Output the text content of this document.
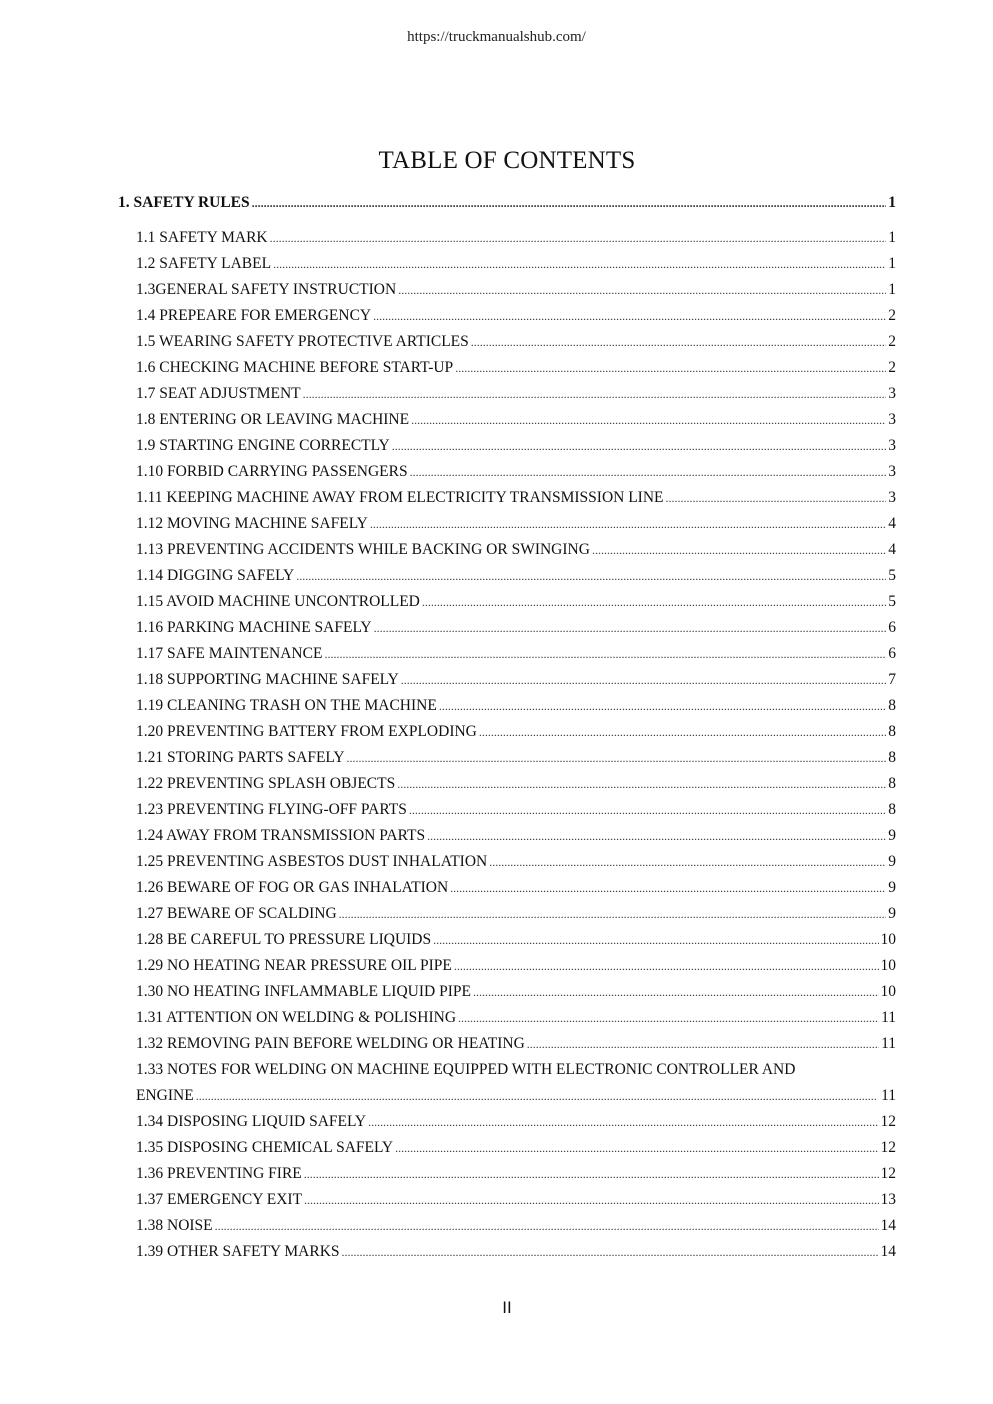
https://truckmanualshub.com/
TABLE OF CONTENTS
II
1. SAFETY RULES . . .	1
1.1 SAFETY MARK . . .	1
1.2 SAFETY LABEL . . .	1
1.3GENERAL SAFETY INSTRUCTION . . .	1
1.4 PREPEARE FOR EMERGENCY . . .	2
1.5 WEARING SAFETY PROTECTIVE ARTICLES . . .	2
1.6 CHECKING MACHINE BEFORE START-UP . . .	2
1.7 SEAT ADJUSTMENT . . .	3
1.8 ENTERING OR LEAVING MACHINE . . .	3
1.9 STARTING ENGINE CORRECTLY . . .	3
1.10 FORBID CARRYING PASSENGERS . . .	3
1.11 KEEPING MACHINE AWAY FROM ELECTRICITY TRANSMISSION LINE . . .	3
1.12 MOVING MACHINE SAFELY . . .	4
1.13 PREVENTING ACCIDENTS WHILE BACKING OR SWINGING . . .	4
1.14 DIGGING SAFELY . . .	5
1.15 AVOID MACHINE UNCONTROLLED . . .	5
1.16 PARKING MACHINE SAFELY . . .	6
1.17 SAFE MAINTENANCE . . .	6
1.18 SUPPORTING MACHINE SAFELY . . .	7
1.19 CLEANING TRASH ON THE MACHINE . . .	8
1.20 PREVENTING BATTERY FROM EXPLODING . . .	8
1.21 STORING PARTS SAFELY . . .	8
1.22 PREVENTING SPLASH OBJECTS . . .	8
1.23 PREVENTING FLYING-OFF PARTS . . .	8
1.24 AWAY FROM TRANSMISSION PARTS . . .	9
1.25 PREVENTING ASBESTOS DUST INHALATION . . .	9
1.26 BEWARE OF FOG OR GAS INHALATION . . .	9
1.27 BEWARE OF SCALDING . . .	9
1.28 BE CAREFUL TO PRESSURE LIQUIDS . . .	10
1.29 NO HEATING NEAR PRESSURE OIL PIPE . . .	10
1.30 NO HEATING INFLAMMABLE LIQUID PIPE . . .	10
1.31 ATTENTION ON WELDING & POLISHING . . .	11
1.32 REMOVING PAIN BEFORE WELDING OR HEATING . . .	11
1.33 NOTES FOR WELDING ON MACHINE EQUIPPED WITH ELECTRONIC CONTROLLER AND
ENGINE . . .	11
1.34 DISPOSING LIQUID SAFELY . . .	12
1.35 DISPOSING CHEMICAL SAFELY . . .	12
1.36 PREVENTING FIRE . . .	12
1.37 EMERGENCY EXIT . . .	13
1.38 NOISE . . .	14
1.39 OTHER SAFETY MARKS . . .	14
